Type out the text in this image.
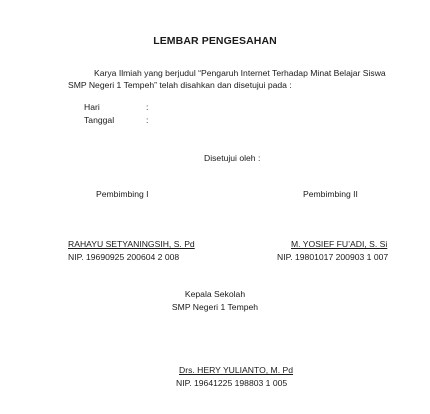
LEMBAR PENGESAHAN
Karya Ilmiah yang berjudul “Pengaruh Internet Terhadap Minat Belajar Siswa
SMP Negeri 1 Tempeh” telah disahkan dan disetujui pada :
Hari	:
Tanggal	:
Disetujui oleh :
Pembimbing I	Pembimbing II
RAHAYU SETYANINGSIH, S. Pd
NIP. 19690925 200604 2 008
M. YOSIEF FU’ADI, S. Si
NIP. 19801017 200903 1 007
Kepala Sekolah
SMP Negeri 1 Tempeh
Drs. HERY YULIANTO, M. Pd
NIP. 19641225 198803 1 005
